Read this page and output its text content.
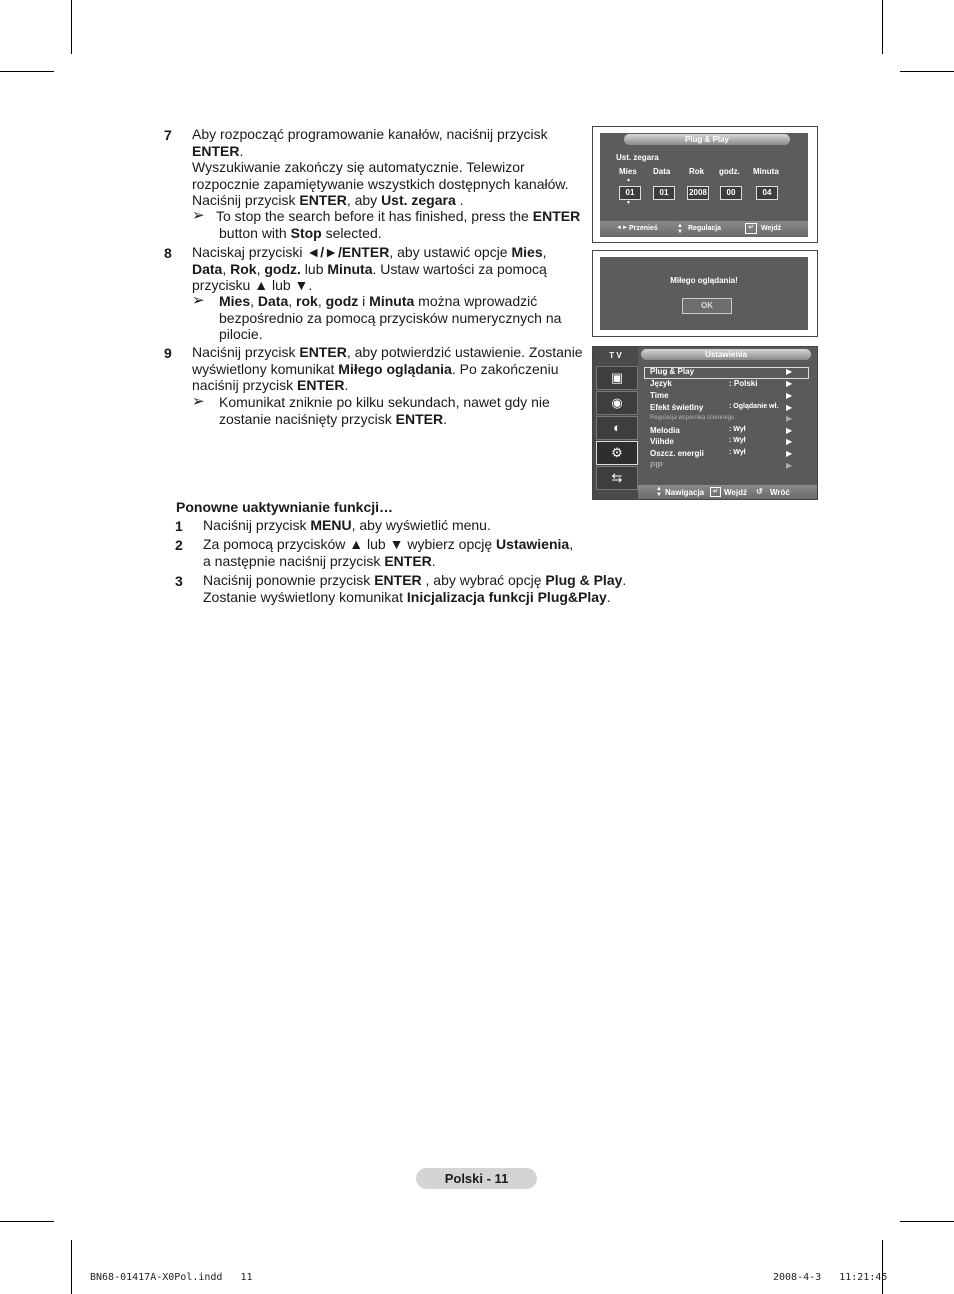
7 Aby rozpocząć programowanie kanałów, naciśnij przycisk
ENTER.
Wyszukiwanie zakończy się automatycznie. Telewizor
rozpocznie zapamiętywanie wszystkich dostępnych kanałów.
Naciśnij przycisk ENTER, aby Ust. zegara .
➢ To stop the search before it has finished, press the ENTER
button with Stop selected.
8 Naciskaj przyciski ◄/►/ENTER, aby ustawić opcje Mies,
Data, Rok, godz. lub Minuta. Ustaw wartości za pomocą
przycisku ▲ lub ▼.
➢ Mies, Data, rok, godz i Minuta można wprowadzić
bezpośrednio za pomocą przycisków numerycznych na
pilocie.
9 Naciśnij przycisk ENTER, aby potwierdzić ustawienie. Zostanie
wyświetlony komunikat Miłego oglądania. Po zakończeniu
naciśnij przycisk ENTER.
➢ Komunikat zniknie po kilku sekundach, nawet gdy nie
zostanie naciśnięty przycisk ENTER.
Ponowne uaktywnianie funkcji…
1 Naciśnij przycisk MENU, aby wyświetlić menu.
2 Za pomocą przycisków ▲ lub ▼ wybierz opcję Ustawienia,
a następnie naciśnij przycisk ENTER.
3 Naciśnij ponownie przycisk ENTER , aby wybrać opcję Plug & Play.
Zostanie wyświetlony komunikat Inicjalizacja funkcji Plug&Play.
Plug & Play
Ust. zegara
Mies Data Rok godz. Minuta
▲
01	01	2008	00	04
▼
◄► Przenieś	▲
▼ Regulacja	↵	Wejdź
Miłego oglądania!
OK
T V
▣
◉
◐
⚙
⇆
Ustawienia
Plug & Play
Język	: Polski
Time
Efekt świetlny	: Oglądanie wł.
Regulacja wspornika ściennego
Melodia	: Wył
Viihde	: Wył
Oszcz. energii	: Wył
PIP
▶
▶
▶
▶
▶
▶
▶
▶
▶
▲
▼ Nawigacja	↵ Wejdź ↺ Wróć
Polski - 11
BN68-01417A-X0Pol.indd   11	2008-4-3   11:21:45
